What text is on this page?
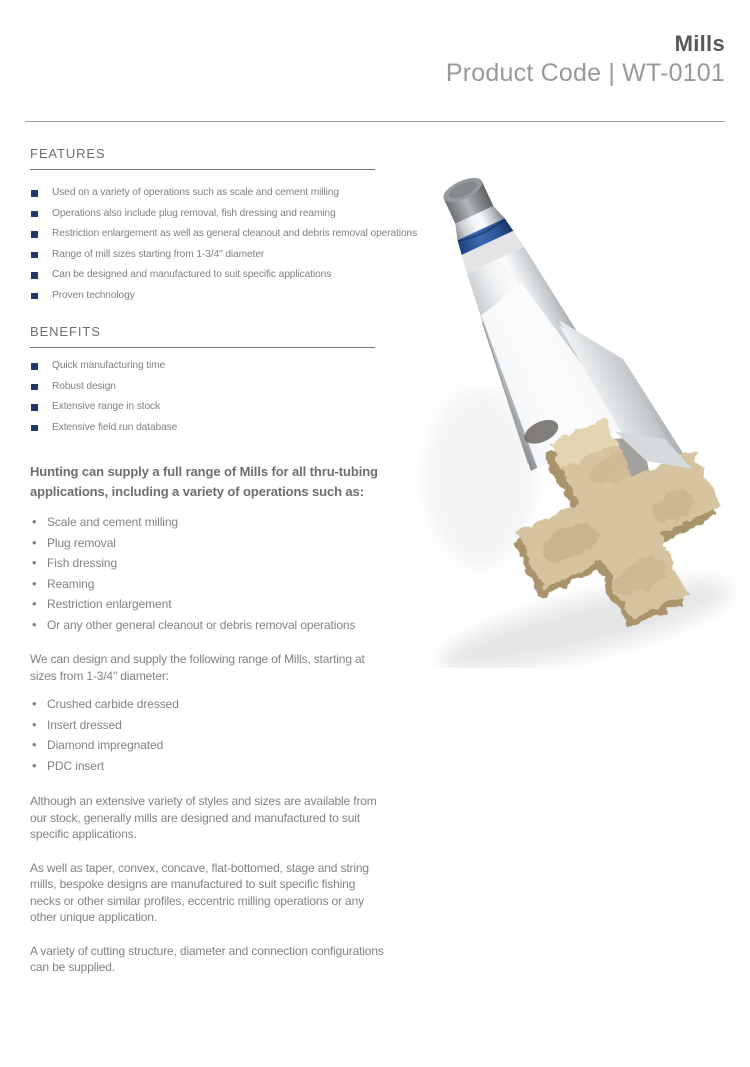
Mills
Product Code | WT-0101
FEATURES
Used on a variety of operations such as scale and cement milling
Operations also include plug removal, fish dressing and reaming
Restriction enlargement as well as general cleanout and debris removal operations
Range of mill sizes starting from 1-3/4" diameter
Can be designed and manufactured to suit specific applications
Proven technology
BENEFITS
Quick manufacturing time
Robust design
Extensive range in stock
Extensive field run database

Hunting can supply a full range of Mills for all thru-tubing applications, including a variety of operations such as:

• Scale and cement milling
• Plug removal
• Fish dressing
• Reaming
• Restriction enlargement
• Or any other general cleanout or debris removal operations

We can design and supply the following range of Mills, starting at sizes from 1-3/4" diameter:

• Crushed carbide dressed
• Insert dressed
• Diamond impregnated
• PDC insert

Although an extensive variety of styles and sizes are available from our stock, generally mills are designed and manufactured to suit specific applications.

As well as taper, convex, concave, flat-bottomed, stage and string mills, bespoke designs are manufactured to suit specific fishing necks or other similar profiles, eccentric milling operations or any other unique application.

A variety of cutting structure, diameter and connection configurations can be supplied.
